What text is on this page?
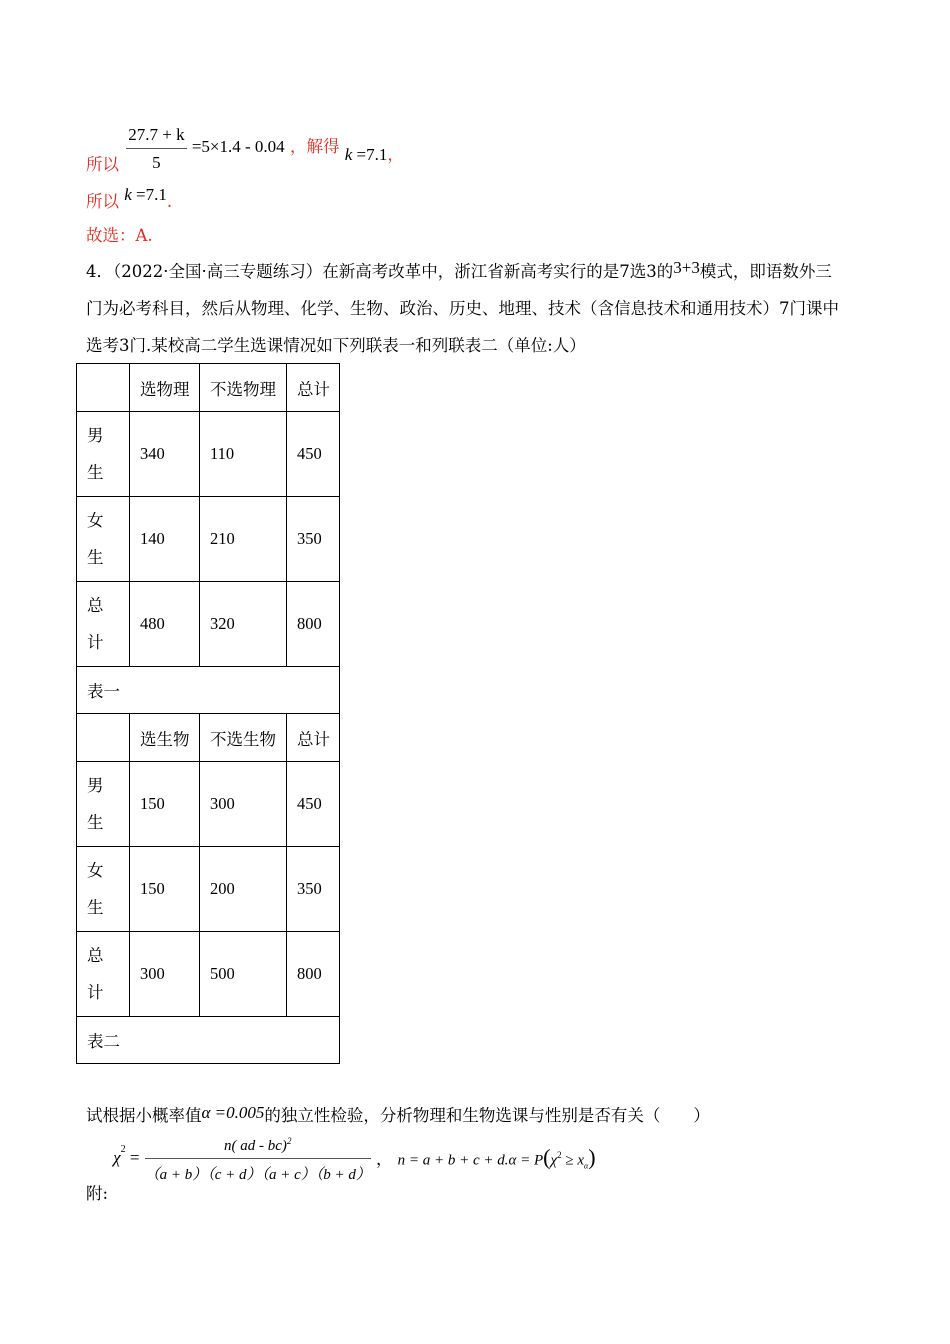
所以 $\frac{27.7 + k}{5} =5\times 1.4 - 0.04$ ，解得 k =7.1，
所以 k =7.1.
故选：A.
4．（2022·全国·高三专题练习）在新高考改革中，浙江省新高考实行的是7选3的3+3模式，即语数外三
门为必考科目，然后从物理、化学、生物、政治、历史、地理、技术（含信息技术和通用技术）7门课中
选考3门.某校高二学生选课情况如下列联表一和列联表二（单位:人）
	选物理	不选物理	总计

男
生	340	110	450

女
生	140	210	350

总
计	480	320	800
表一			
	选生物	不选生物	总计

男
生	150	300	450

女
生	150	200	350

总
计	300	500	800
表二			
试根据小概率值α =0.005的独立性检验，分析物理和生物选课与性别是否有关（　　）
附: $\chi^2 = \frac{n( ad - bc)^2}{(a + b)(c + d)(a + c)(b + d)}$ ， $n = a + b + c + d.\alpha = P(\chi^2 \ge x_\alpha)$
